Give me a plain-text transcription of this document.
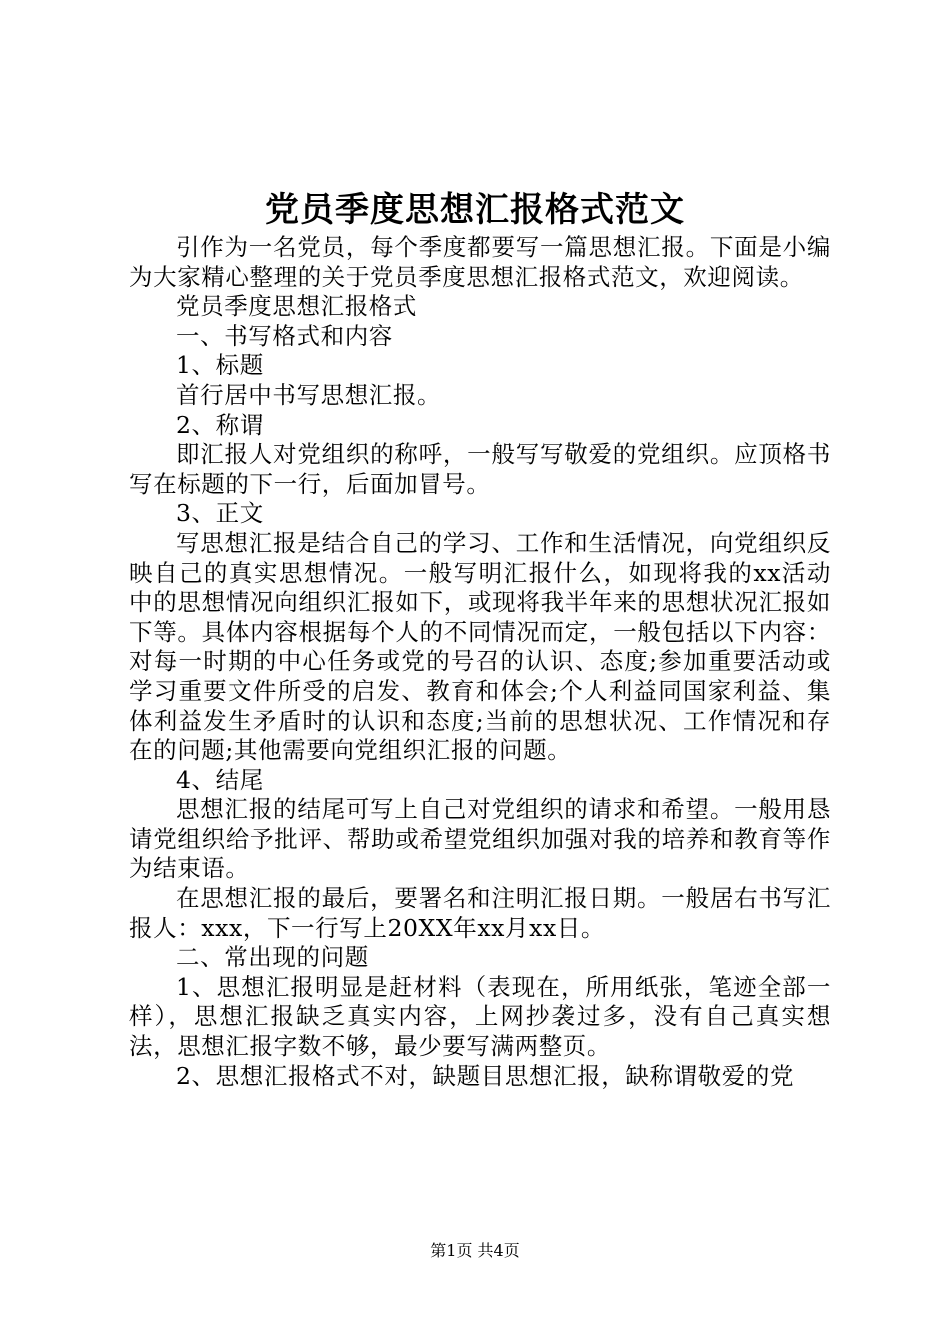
党员季度思想汇报格式范文

引作为一名党员，每个季度都要写一篇思想汇报。下面是小编为大家精心整理的关于党员季度思想汇报格式范文，欢迎阅读。

党员季度思想汇报格式

一、书写格式和内容

1、标题

首行居中书写思想汇报。

2、称谓

即汇报人对党组织的称呼，一般写写敬爱的党组织。应顶格书写在标题的下一行，后面加冒号。

3、正文

写思想汇报是结合自己的学习、工作和生活情况，向党组织反映自己的真实思想情况。一般写明汇报什么，如现将我的xx活动中的思想情况向组织汇报如下，或现将我半年来的思想状况汇报如下等。具体内容根据每个人的不同情况而定，一般包括以下内容：对每一时期的中心任务或党的号召的认识、态度;参加重要活动或学习重要文件所受的启发、教育和体会;个人利益同国家利益、集体利益发生矛盾时的认识和态度;当前的思想状况、工作情况和存在的问题;其他需要向党组织汇报的问题。

4、结尾

思想汇报的结尾可写上自己对党组织的请求和希望。一般用恳请党组织给予批评、帮助或希望党组织加强对我的培养和教育等作为结束语。

在思想汇报的最后，要署名和注明汇报日期。一般居右书写汇报人：xxx，下一行写上20XX年xx月xx日。

二、常出现的问题

1、思想汇报明显是赶材料（表现在，所用纸张，笔迹全部一样），思想汇报缺乏真实内容，上网抄袭过多，没有自己真实想法，思想汇报字数不够，最少要写满两整页。

2、思想汇报格式不对，缺题目思想汇报，缺称谓敬爱的党

第1页 共4页
